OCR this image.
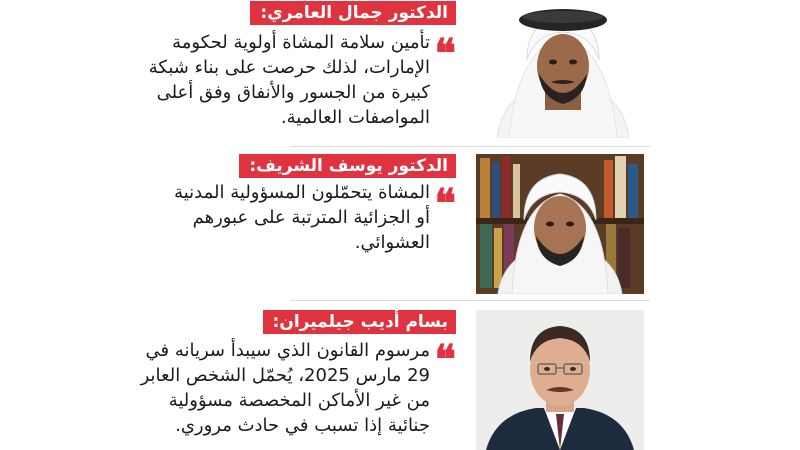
الدكتور جمال العامري:
❝
تأمين سلامة المشاة أولوية لحكومة
الإمارات، لذلك حرصت على بناء شبكة
كبيرة من الجسور والأنفاق وفق أعلى
المواصفات العالمية.
الدكتور يوسف الشريف:
❝
المشاة يتحمّلون المسؤولية المدنية
أو الجزائية المترتبة على عبورهم
العشوائي.
بسام أديب جيلميران:
❝
مرسوم القانون الذي سيبدأ سريانه في
29 مارس 2025، يُحمّل الشخص العابر
من غير الأماكن المخصصة مسؤولية
جنائية إذا تسبب في حادث مروري.
